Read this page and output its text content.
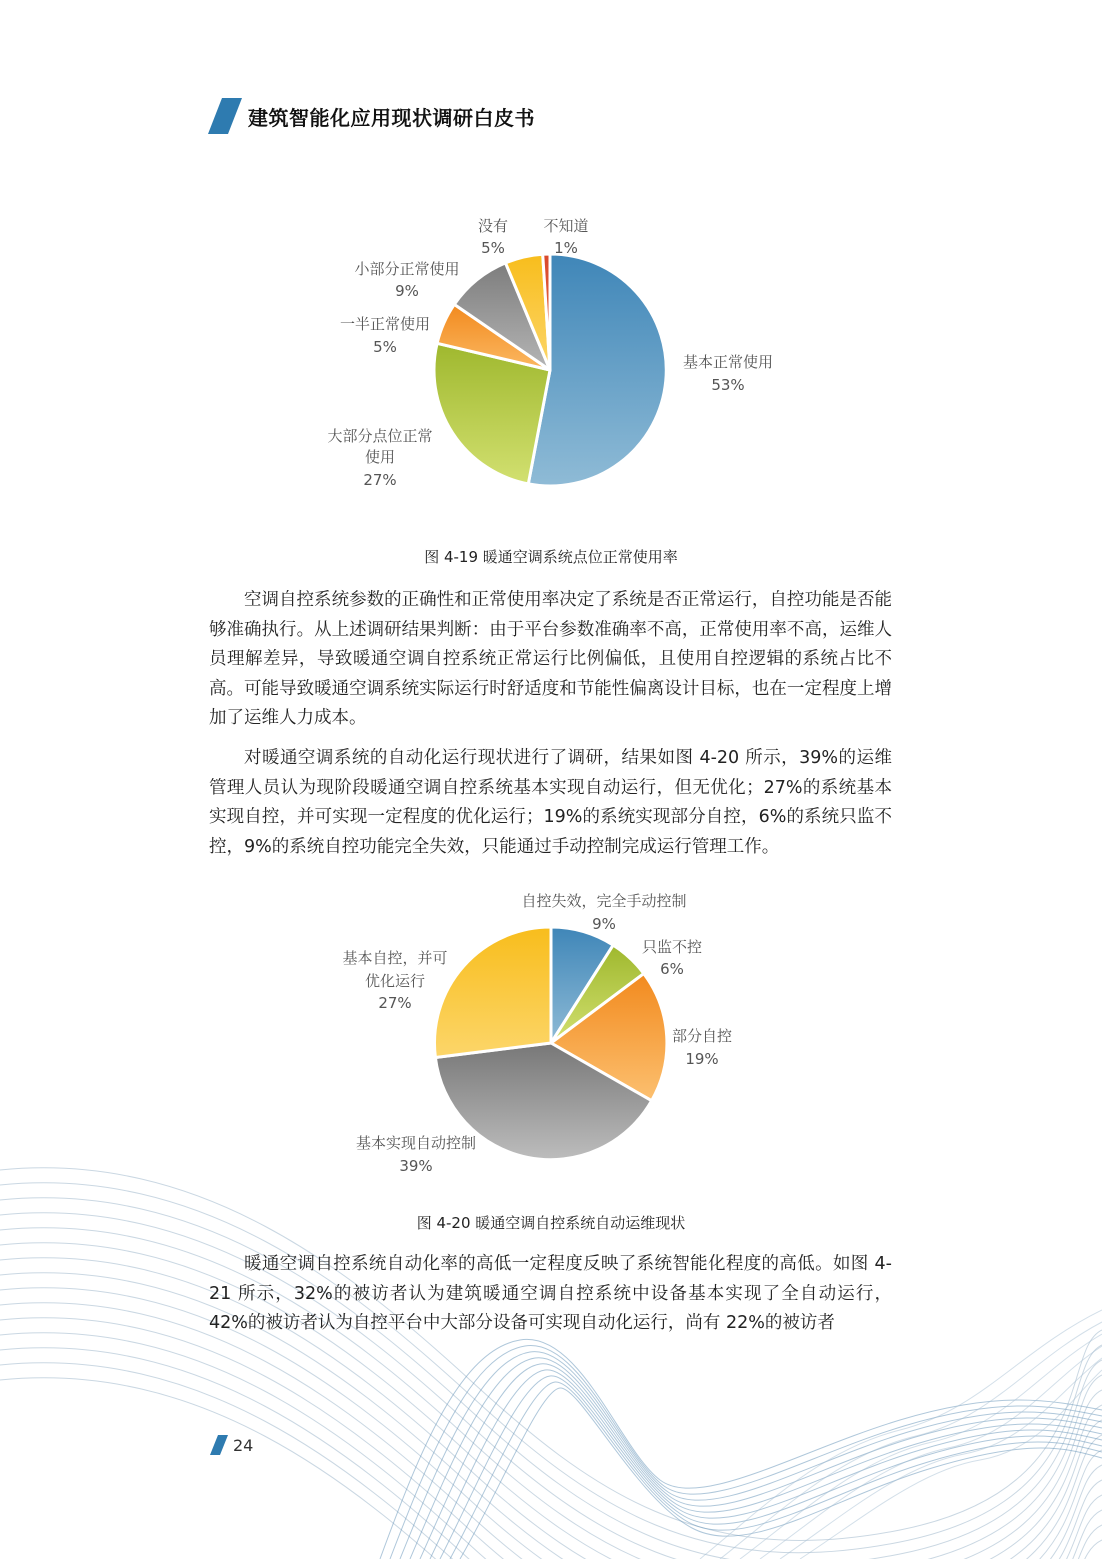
建筑智能化应用现状调研白皮书
基本正常使用
53%
大部分点位正常
使用
27%
一半正常使用
5%
小部分正常使用
9%
没有
5%
不知道
1%
图 4-19 暖通空调系统点位正常使用率

空调自控系统参数的正确性和正常使用率决定了系统是否正常运行，自控功能是否能够准确执行。从上述调研结果判断：由于平台参数准确率不高，正常使用率不高，运维人员理解差异，导致暖通空调自控系统正常运行比例偏低，且使用自控逻辑的系统占比不高。可能导致暖通空调系统实际运行时舒适度和节能性偏离设计目标，也在一定程度上增加了运维人力成本。

对暖通空调系统的自动化运行现状进行了调研，结果如图 4-20 所示，39%的运维管理人员认为现阶段暖通空调自控系统基本实现自动运行，但无优化；27%的系统基本实现自控，并可实现一定程度的优化运行；19%的系统实现部分自控，6%的系统只监不控，9%的系统自控功能完全失效，只能通过手动控制完成运行管理工作。

自控失效，完全手动控制
9%
只监不控
6%
部分自控
19%
基本实现自动控制
39%
基本自控，并可
优化运行
27%
图 4-20 暖通空调自控系统自动运维现状

暖通空调自控系统自动化率的高低一定程度反映了系统智能化程度的高低。如图 4-21 所示，32%的被访者认为建筑暖通空调自控系统中设备基本实现了全自动运行，42%的被访者认为自控平台中大部分设备可实现自动化运行，尚有 22%的被访者

24
